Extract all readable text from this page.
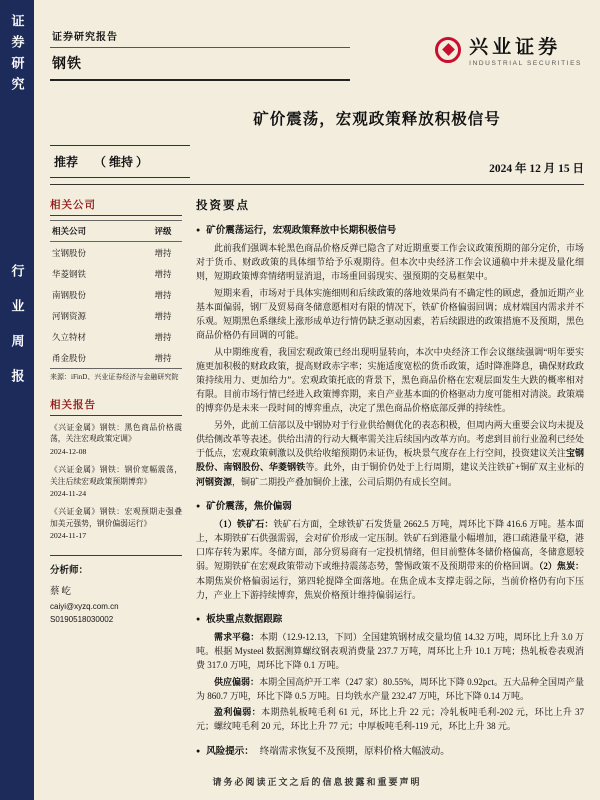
证券研究
行业周报
证券研究报告
钢铁
兴业证券
INDUSTRIAL SECURITIES
矿价震荡，宏观政策释放积极信号
推荐 （ 维持 ）	2024 年 12 月 15 日
相关公司
相关公司	评级
宝钢股份	增持
华菱钢铁	增持
南钢股份	增持
河钢资源	增持
久立特材	增持
甬金股份	增持
来源：iFinD、兴业证券经济与金融研究院
相关报告
《兴证金属》钢铁：黑色商品价格震荡，关注宏观政策定调》
2024-12-08
《兴证金属》钢铁：钢价宽幅震荡，关注后续宏观政策预期博弈》
2024-11-24
《兴证金属》钢铁：宏观预期走强叠加美元强势，钢价偏弱运行》
2024-11-17
分析师：
蔡屹
caiyi@xyzq.com.cn
S0190518030002
投资要点
● 矿价震荡运行，宏观政策释放中长期积极信号

此前我们强调本轮黑色商品价格反弹已隐含了对近期重要工作会议政策预期的部分定价，市场对于货币、财政政策的具体细节给予乐观期待。但本次中央经济工作会议通稿中并未提及量化细则，短期政策博弈情绪明显消退，市场重回弱现实、强预期的交易框架中。

短期来看，市场对于具体实施细则和后续政策的落地效果尚有不确定性的顾虑，叠加近期产业基本面偏弱，钢厂及贸易商冬储意愿相对有限的情况下，铁矿价格偏弱回调；成材端国内需求并不乐观。短期黑色系继续上涨形成单边行情仍缺乏驱动因素，若后续跟进的政策措施不及预期，黑色商品价格仍有回调的可能。

从中期维度看，我国宏观政策已经出现明显转向，本次中央经济工作会议继续强调“明年要实施更加积极的财政政策，提高财政赤字率；实施适度宽松的货币政策，适时降准降息，确保财政政策持续用力、更加给力”。宏观政策托底的背景下，黑色商品价格在宏观层面发生大跌的概率相对有限。目前市场行情已经进入政策博弈期，来自产业基本面的价格驱动力度可能相对清淡。政策端的博弈仍是未来一段时间的博弈重点，决定了黑色商品价格底部反弹的持续性。

另外，此前工信部以及中钢协对于行业供给侧优化的表态积极，但周内两大重要会议均未提及供给侧改革等表述。供给出清的行动大概率需关注后续国内改革方向。考虑到目前行业盈利已经处于低点，宏观政策刺激以及供给收缩预期仍未证伪，板块景气度存在上行空间，投资建议关注宝钢股份、南钢股份、华菱钢铁等。此外，由于铜价仍处于上行周期，建议关注铁矿+铜矿双主业标的河钢资源，铜矿二期投产叠加铜价上涨，公司后期仍有成长空间。

● 矿价震荡，焦价偏弱

（1）铁矿石：铁矿石方面，全球铁矿石发货量 2662.5 万吨，周环比下降 416.6 万吨。基本面上，本期铁矿石供强需弱，会对矿价形成一定压制。铁矿石到港量小幅增加，港口疏港量平稳，港口库存转为累库。冬储方面，部分贸易商有一定投机情绪，但目前整体冬储价格偏高，冬储意愿较弱。短期铁矿在宏观政策带动下或维持震荡态势，警惕政策不及预期带来的价格回调。（2）焦炭：本期焦炭价格偏弱运行，第四轮提降全面落地。在焦企成本支撑走弱之际，当前价格仍有向下压力，产业上下游持续博弈，焦炭价格预计维持偏弱运行。

● 板块重点数据跟踪

需求平稳：本期（12.9-12.13，下同）全国建筑钢材成交量均值 14.32 万吨，周环比上升 3.0 万吨。根据 Mysteel 数据测算螺纹钢表观消费量 237.7 万吨，周环比上升 10.1 万吨；热轧板卷表观消费 317.0 万吨，周环比下降 0.1 万吨。

供应偏弱：本期全国高炉开工率（247 家）80.55%，周环比下降 0.92pct。五大品种全国周产量为 860.7 万吨，环比下降 0.5 万吨。日均铁水产量 232.47 万吨，环比下降 0.14 万吨。

盈利偏弱：本期热轧板吨毛利 61 元，环比上升 22 元；冷轧板吨毛利-202 元，环比上升 37 元；螺纹吨毛利 20 元，环比上升 77 元；中厚板吨毛利-119 元，环比上升 38 元。

● 风险提示： 终端需求恢复不及预期，原料价格大幅波动。
请务必阅读正文之后的信息披露和重要声明
